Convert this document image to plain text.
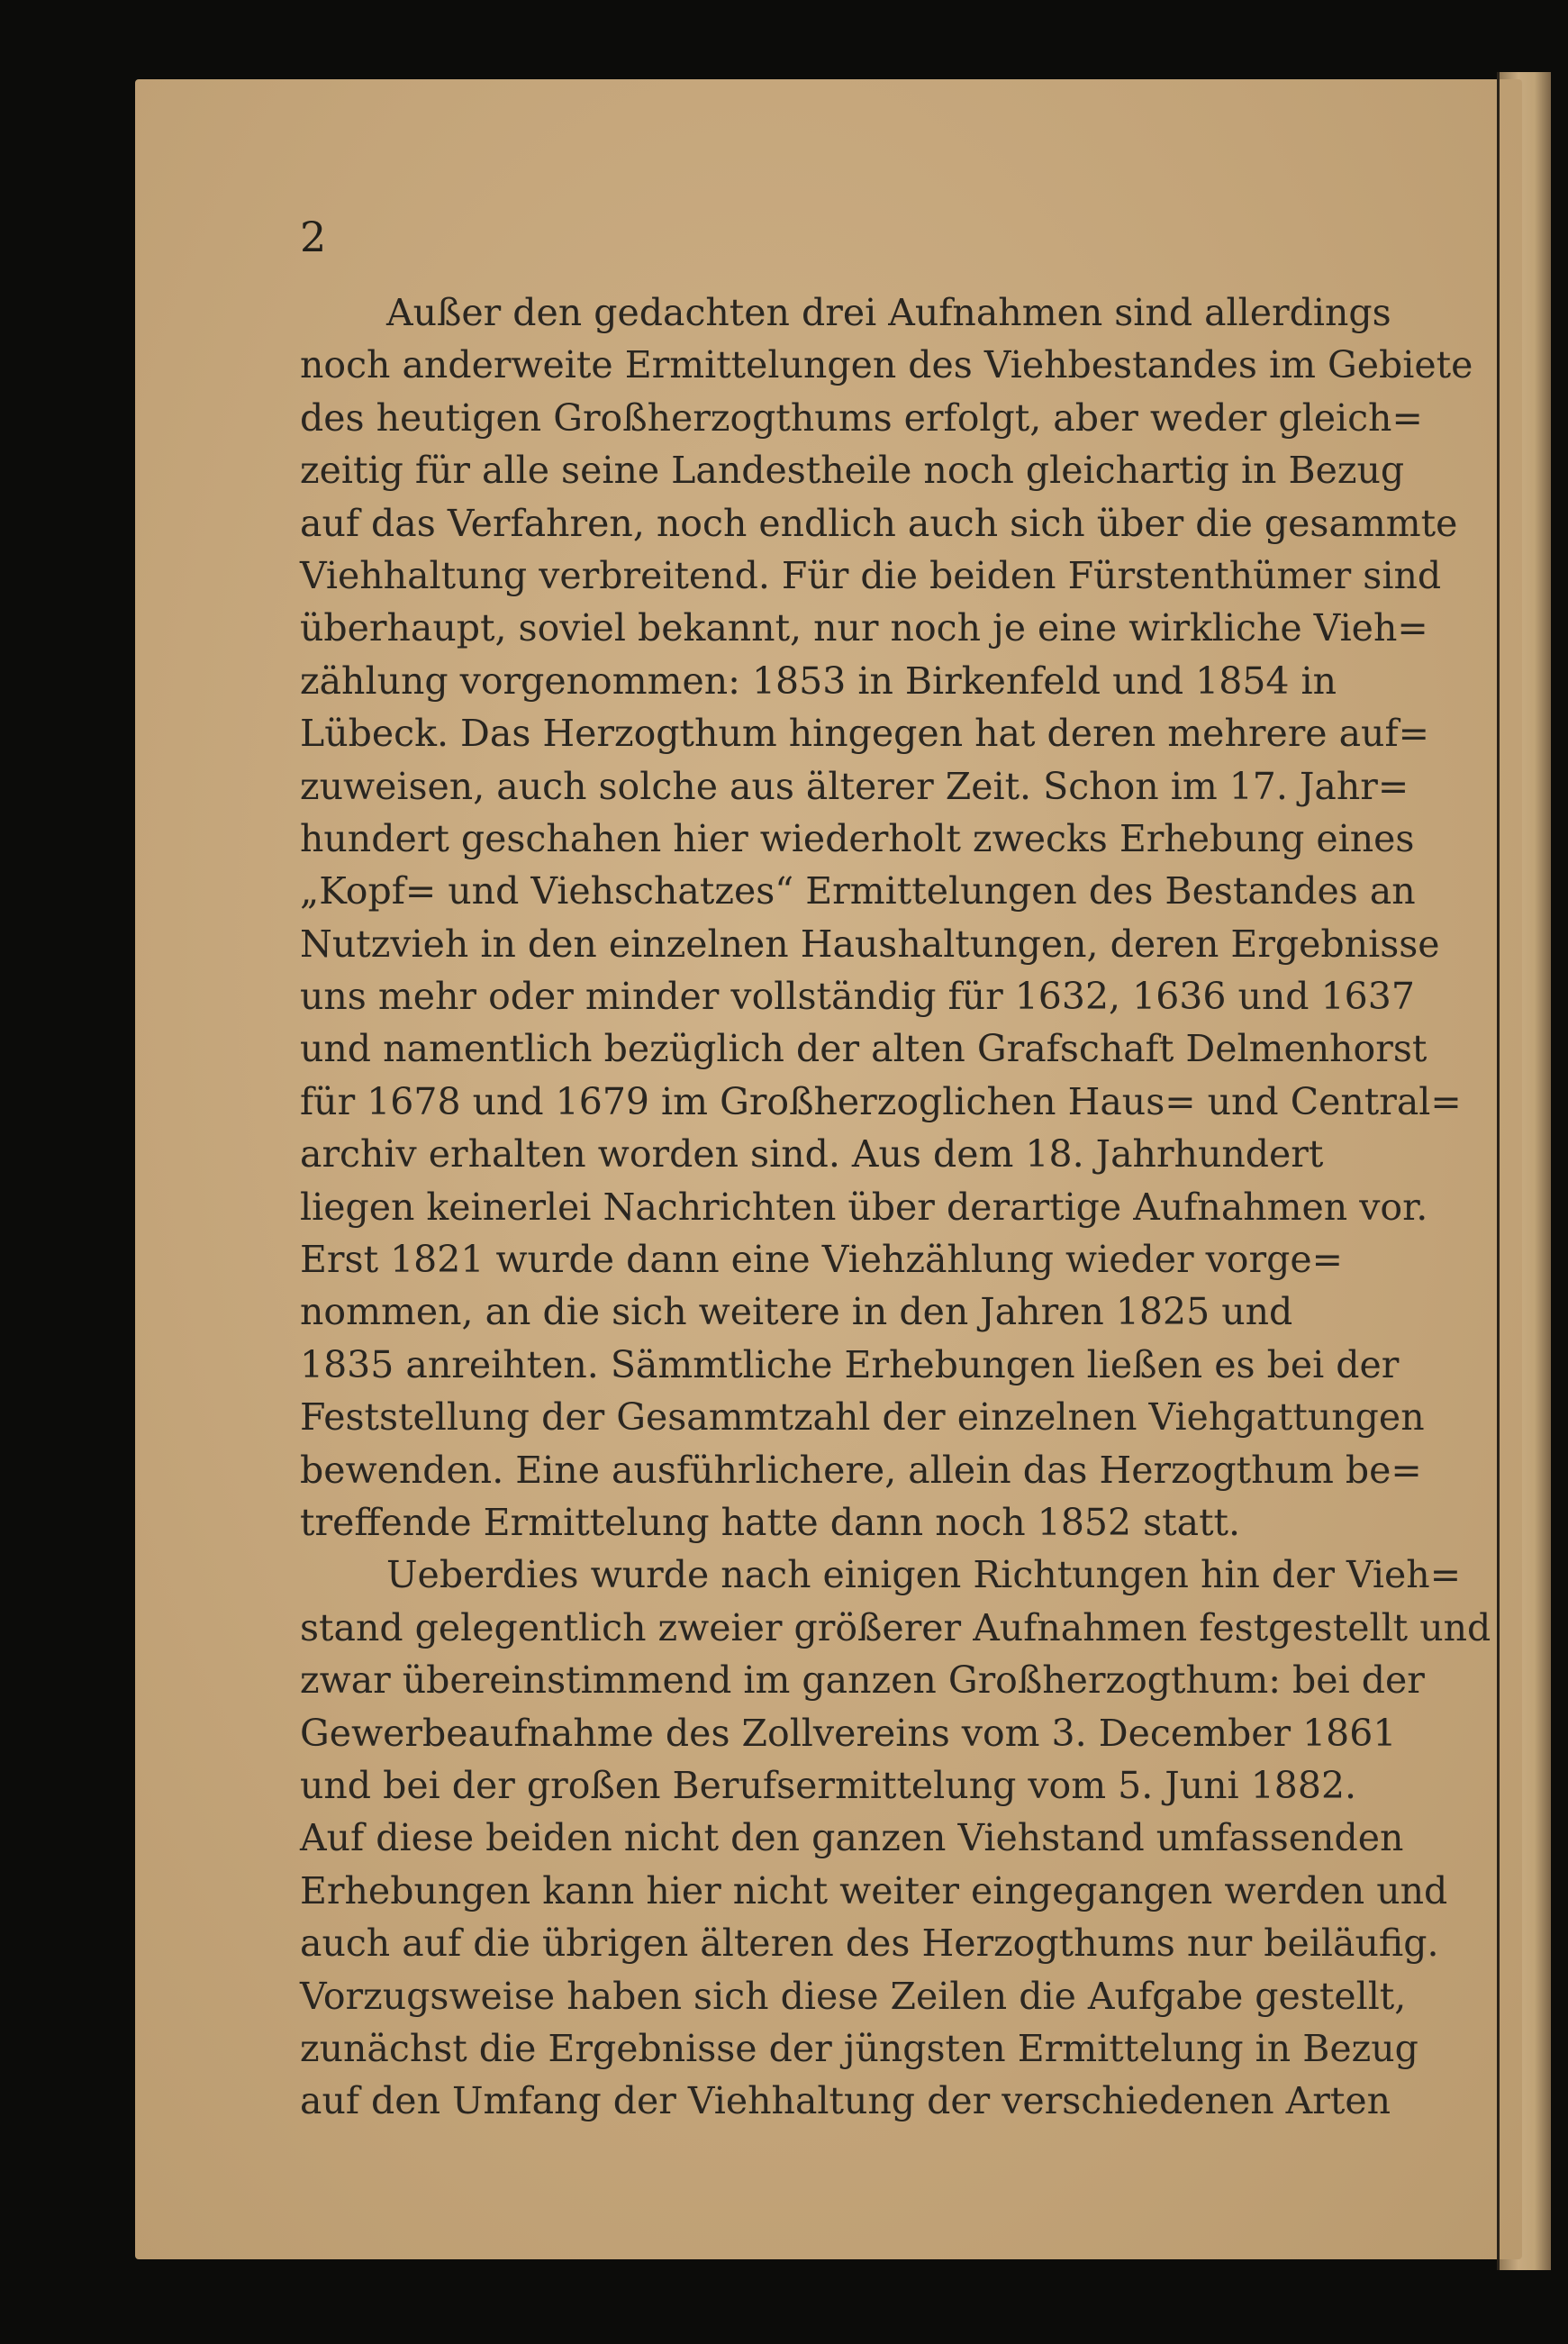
2
Außer den gedachten drei Aufnahmen sind allerdings
noch anderweite Ermittelungen des Viehbestandes im Gebiete
des heutigen Großherzogthums erfolgt, aber weder gleich=
zeitig für alle seine Landestheile noch gleichartig in Bezug
auf das Verfahren, noch endlich auch sich über die gesammte
Viehhaltung verbreitend. Für die beiden Fürstenthümer sind
überhaupt, soviel bekannt, nur noch je eine wirkliche Vieh=
zählung vorgenommen: 1853 in Birkenfeld und 1854 in
Lübeck. Das Herzogthum hingegen hat deren mehrere auf=
zuweisen, auch solche aus älterer Zeit. Schon im 17. Jahr=
hundert geschahen hier wiederholt zwecks Erhebung eines
„Kopf= und Viehschatzes“ Ermittelungen des Bestandes an
Nutzvieh in den einzelnen Haushaltungen, deren Ergebnisse
uns mehr oder minder vollständig für 1632, 1636 und 1637
und namentlich bezüglich der alten Grafschaft Delmenhorst
für 1678 und 1679 im Großherzoglichen Haus= und Central=
archiv erhalten worden sind. Aus dem 18. Jahrhundert
liegen keinerlei Nachrichten über derartige Aufnahmen vor.
Erst 1821 wurde dann eine Viehzählung wieder vorge=
nommen, an die sich weitere in den Jahren 1825 und
1835 anreihten. Sämmtliche Erhebungen ließen es bei der
Feststellung der Gesammtzahl der einzelnen Viehgattungen
bewenden. Eine ausführlichere, allein das Herzogthum be=
treffende Ermittelung hatte dann noch 1852 statt.
Ueberdies wurde nach einigen Richtungen hin der Vieh=
stand gelegentlich zweier größerer Aufnahmen festgestellt und
zwar übereinstimmend im ganzen Großherzogthum: bei der
Gewerbeaufnahme des Zollvereins vom 3. December 1861
und bei der großen Berufsermittelung vom 5. Juni 1882.
Auf diese beiden nicht den ganzen Viehstand umfassenden
Erhebungen kann hier nicht weiter eingegangen werden und
auch auf die übrigen älteren des Herzogthums nur beiläufig.
Vorzugsweise haben sich diese Zeilen die Aufgabe gestellt,
zunächst die Ergebnisse der jüngsten Ermittelung in Bezug
auf den Umfang der Viehhaltung der verschiedenen Arten
